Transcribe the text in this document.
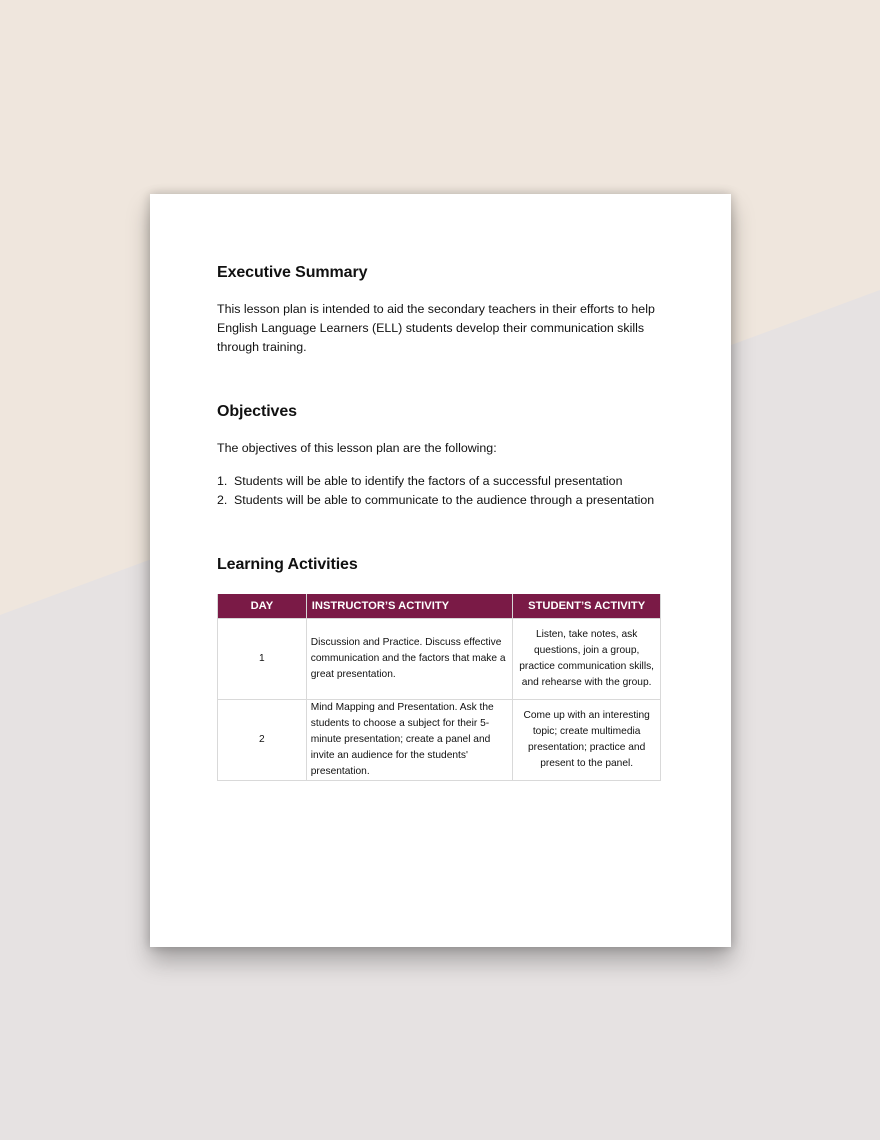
Executive Summary

This lesson plan is intended to aid the secondary teachers in their efforts to help English Language Learners (ELL) students develop their communication skills through training.

Objectives

The objectives of this lesson plan are the following:

1. Students will be able to identify the factors of a successful presentation
2. Students will be able to communicate to the audience through a presentation
Learning Activities
DAY	INSTRUCTOR’S ACTIVITY	STUDENT’S ACTIVITY
1	Discussion and Practice. Discuss effective communication and the factors that make a great presentation.	Listen, take notes, ask questions, join a group, practice communication skills, and rehearse with the group.
2	Mind Mapping and Presentation. Ask the students to choose a subject for their 5-minute presentation; create a panel and invite an audience for the students' presentation.	Come up with an interesting topic; create multimedia presentation; practice and present to the panel.
